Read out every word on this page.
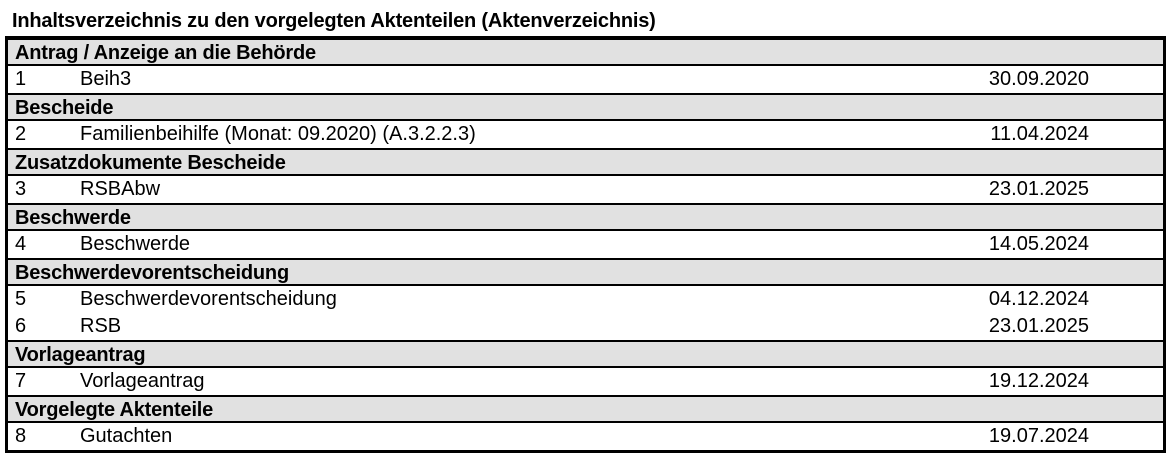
Inhaltsverzeichnis zu den vorgelegten Aktenteilen (Aktenverzeichnis)
Antrag / Anzeige an die Behörde
1	Beih3	30.09.2020
Bescheide
2	Familienbeihilfe (Monat: 09.2020) (A.3.2.2.3)	11.04.2024
Zusatzdokumente Bescheide
3	RSBAbw	23.01.2025
Beschwerde
4	Beschwerde	14.05.2024
Beschwerdevorentscheidung
5	Beschwerdevorentscheidung	04.12.2024
6	RSB	23.01.2025
Vorlageantrag
7	Vorlageantrag	19.12.2024
Vorgelegte Aktenteile
8	Gutachten	19.07.2024
